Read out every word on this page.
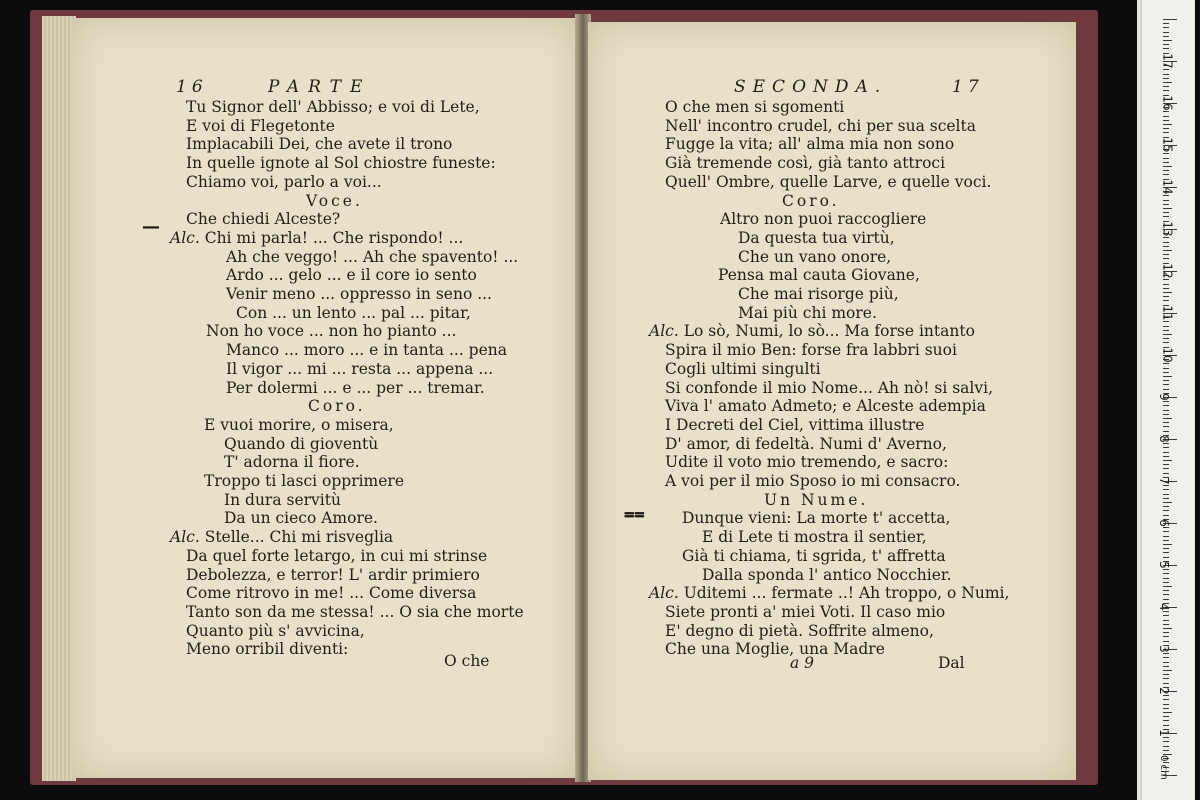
16	PARTE
Tu Signor dell' Abbisso; e voi di Lete,
E voi di Flegetonte
Implacabili Dei, che avete il trono
In quelle ignote al Sol chiostre funeste:
Chiamo voi, parlo a voi...
Voce.
Che chiedi Alceste?
Alc. Chi mi parla! ... Che rispondo! ...
Ah che veggo! ... Ah che spavento! ...
Ardo ... gelo ... e il core io sento
Venir meno ... oppresso in seno ...
Con ... un lento ... pal ... pitar,
Non ho voce ... non ho pianto ...
Manco ... moro ... e in tanta ... pena
Il vigor ... mi ... resta ... appena ...
Per dolermi ... e ... per ... tremar.
Coro.
E vuoi morire, o misera,
Quando di gioventù
T' adorna il fiore.
Troppo ti lasci opprimere
In dura servitù
Da un cieco Amore.
Alc. Stelle... Chi mi risveglia
Da quel forte letargo, in cui mi strinse
Debolezza, e terror! L' ardir primiero
Come ritrovo in me! ... Come diversa
Tanto son da me stessa! ... O sia che morte
Quanto più s' avvicina,
Meno orribil diventi:
O che
—
SECONDA.	17
O che men si sgomenti
Nell' incontro crudel, chi per sua scelta
Fugge la vita; all' alma mia non sono
Già tremende così, già tanto attroci
Quell' Ombre, quelle Larve, e quelle voci.
Coro.
Altro non puoi raccogliere
Da questa tua virtù,
Che un vano onore,
Pensa mal cauta Giovane,
Che mai risorge più,
Mai più chi more.
Alc. Lo sò, Numi, lo sò... Ma forse intanto
Spira il mio Ben: forse fra labbri suoi
Cogli ultimi singulti
Si confonde il mio Nome... Ah nò! si salvi,
Viva l' amato Admeto; e Alceste adempia
I Decreti del Ciel, vittima illustre
D' amor, di fedeltà. Numi d' Averno,
Udite il voto mio tremendo, e sacro:
A voi per il mio Sposo io mi consacro.
Un Nume.
Dunque vieni: La morte t' accetta,
E di Lete ti mostra il sentier,
Già ti chiama, ti sgrida, t' affretta
Dalla sponda l' antico Nocchier.
Alc. Uditemi ... fermate ..! Ah troppo, o Numi,
Siete pronti a' miei Voti. Il caso mio
E' degno di pietà. Soffrite almeno,
Che una Moglie, una Madre
a 9	Dal
⩵
17
16
15
14
13
12
11
10
9
8
7
6
5
4
3
2
1
0 cm
